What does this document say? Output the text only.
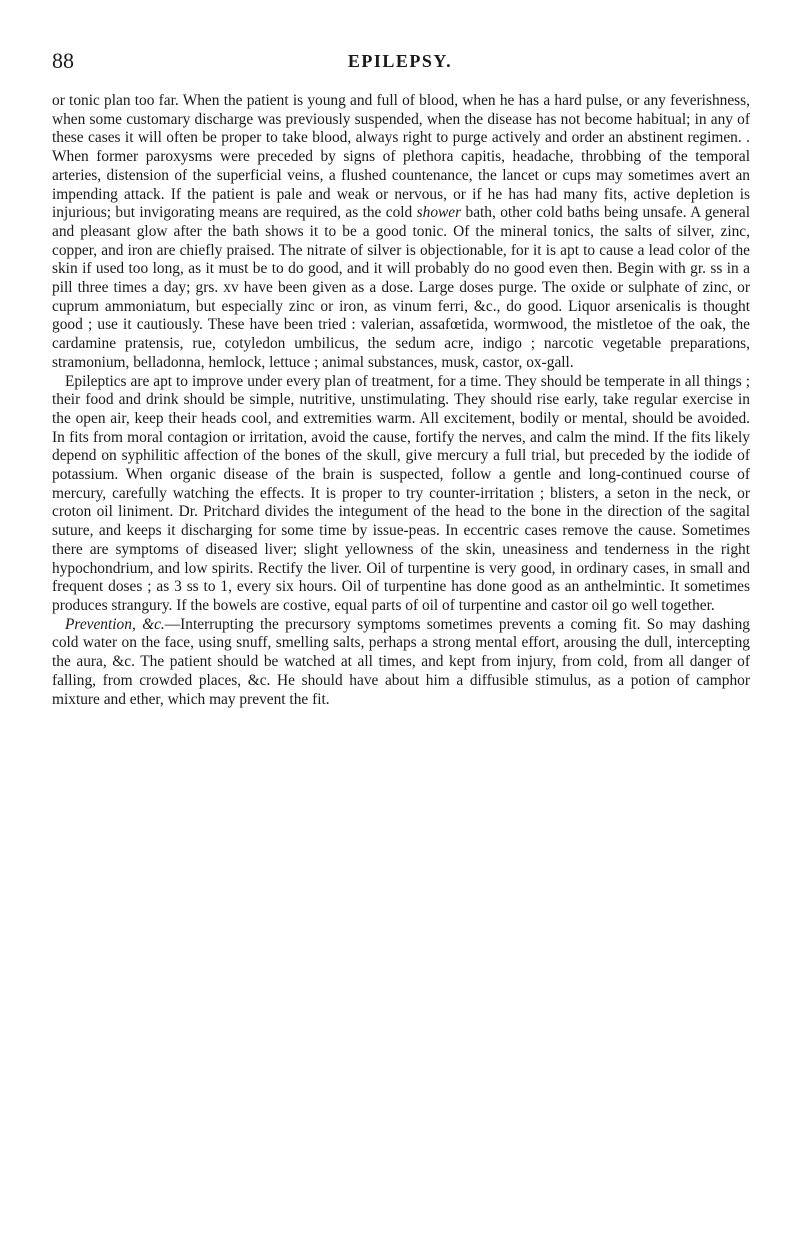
88	EPILEPSY.

or tonic plan too far. When the patient is young and full of blood, when he has a hard pulse, or any feverishness, when some customary discharge was previously suspended, when the disease has not become habitual; in any of these cases it will often be proper to take blood, always right to purge actively and order an abstinent regimen. . When former paroxysms were preceded by signs of plethora capitis, headache, throbbing of the temporal arteries, distension of the superficial veins, a flushed countenance, the lancet or cups may sometimes avert an impending attack. If the patient is pale and weak or nervous, or if he has had many fits, active depletion is injurious; but invigorating means are required, as the cold shower bath, other cold baths being unsafe. A general and pleasant glow after the bath shows it to be a good tonic. Of the mineral tonics, the salts of silver, zinc, copper, and iron are chiefly praised. The nitrate of silver is objectionable, for it is apt to cause a lead color of the skin if used too long, as it must be to do good, and it will probably do no good even then. Begin with gr. ss in a pill three times a day; grs. xv have been given as a dose. Large doses purge. The oxide or sulphate of zinc, or cuprum ammoniatum, but especially zinc or iron, as vinum ferri, &c., do good. Liquor arsenicalis is thought good ; use it cautiously. These have been tried : valerian, assafœtida, wormwood, the mistletoe of the oak, the cardamine pratensis, rue, cotyledon umbilicus, the sedum acre, indigo ; narcotic vegetable preparations, stramonium, belladonna, hemlock, lettuce ; animal substances, musk, castor, ox-gall.

Epileptics are apt to improve under every plan of treatment, for a time. They should be temperate in all things ; their food and drink should be simple, nutritive, unstimulating. They should rise early, take regular exercise in the open air, keep their heads cool, and extremities warm. All excitement, bodily or mental, should be avoided. In fits from moral contagion or irritation, avoid the cause, fortify the nerves, and calm the mind. If the fits likely depend on syphilitic affection of the bones of the skull, give mercury a full trial, but preceded by the iodide of potassium. When organic disease of the brain is suspected, follow a gentle and long-continued course of mercury, carefully watching the effects. It is proper to try counter-irritation ; blisters, a seton in the neck, or croton oil liniment. Dr. Pritchard divides the integument of the head to the bone in the direction of the sagital suture, and keeps it discharging for some time by issue-peas. In eccentric cases remove the cause. Sometimes there are symptoms of diseased liver; slight yellowness of the skin, uneasiness and tenderness in the right hypochondrium, and low spirits. Rectify the liver. Oil of turpentine is very good, in ordinary cases, in small and frequent doses ; as 3 ss to 1, every six hours. Oil of turpentine has done good as an anthelmintic. It sometimes produces strangury. If the bowels are costive, equal parts of oil of turpentine and castor oil go well together.

Prevention, &c.—Interrupting the precursory symptoms sometimes prevents a coming fit. So may dashing cold water on the face, using snuff, smelling salts, perhaps a strong mental effort, arousing the dull, intercepting the aura, &c. The patient should be watched at all times, and kept from injury, from cold, from all danger of falling, from crowded places, &c. He should have about him a diffusible stimulus, as a potion of camphor mixture and ether, which may prevent the fit.
